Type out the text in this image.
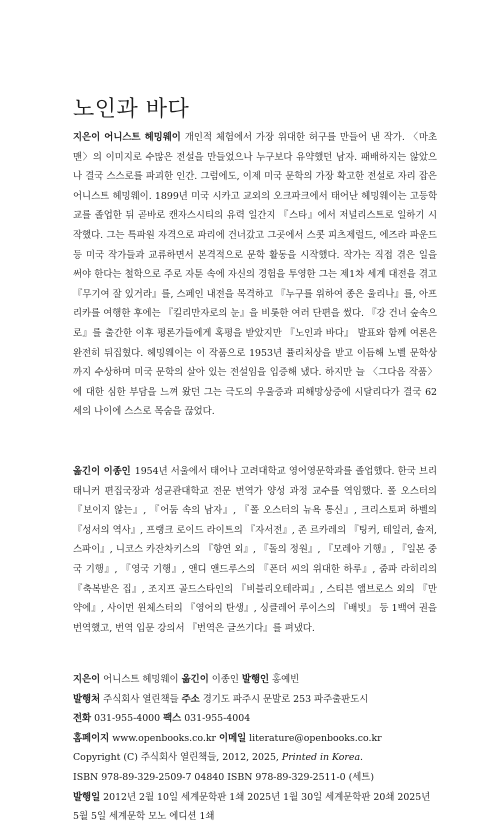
노인과 바다
지은이 어니스트 헤밍웨이 개인적 체험에서 가장 위대한 허구를 만들어 낸 작가. 〈마초 맨〉의 이미지로 수많은 전설을 만들었으나 누구보다 유약했던 남자. 패배하지는 않았으나 결국 스스로를 파괴한 인간. 그럼에도, 이제 미국 문학의 가장 확고한 전설로 자리 잡은 어니스트 헤밍웨이. 1899년 미국 시카고 교외의 오크파크에서 태어난 헤밍웨이는 고등학교를 졸업한 뒤 곧바로 캔자스시티의 유력 일간지 『스타』에서 저널리스트로 일하기 시작했다. 그는 특파원 자격으로 파리에 건너갔고 그곳에서 스콧 피츠제럴드, 에즈라 파운드 등 미국 작가들과 교류하면서 본격적으로 문학 활동을 시작했다. 작가는 직접 겪은 일을 써야 한다는 철학으로 주로 자툰 속에 자신의 경험을 투영한 그는 제1차 세계 대전을 겪고 『무기여 잘 있거라』를, 스페인 내전을 목격하고 『누구를 위하여 종은 울리나』를, 아프리카를 여행한 후에는 『킬리만자로의 눈』을 비롯한 여러 단편을 썼다. 『강 건너 숲속으로』를 출간한 이후 평론가들에게 혹평을 받았지만 『노인과 바다』 발표와 함께 여론은 완전히 뒤집혔다. 헤밍웨이는 이 작품으로 1953년 퓰리처상을 받고 이듬해 노벨 문학상까지 수상하며 미국 문학의 살아 있는 전설임을 입증해 냈다. 하지만 늘 〈그다음 작품〉에 대한 심한 부담을 느껴 왔던 그는 극도의 우울증과 피해망상증에 시달리다가 결국 62세의 나이에 스스로 목숨을 끊었다.
옮긴이 이종인 1954년 서울에서 태어나 고려대학교 영어영문학과를 졸업했다. 한국 브리태니커 편집국장과 성균관대학교 전문 번역가 양성 과정 교수를 역임했다. 폴 오스터의 『보이지 않는』, 『어둠 속의 남자』, 『폴 오스터의 뉴욕 통신』, 크리스토퍼 하벨의 『성서의 역사』, 프랭크 로이드 라이트의 『자서전』, 존 르카레의 『팅커, 테일러, 솔저, 스파이』, 니코스 카잔차키스의 『향연 외』, 『돌의 정원』, 『모레아 기행』, 『일본 중국 기행』, 『영국 기행』, 앤디 앤드루스의 『폰더 씨의 위대한 하루』, 줌파 라히리의 『축복받은 집』, 조지프 골드스타인의 『비블리오테라피』, 스티븐 앰브로스 외의 『만약에』, 사이먼 윈체스터의 『영어의 탄생』, 싱클레어 루이스의 『배빗』 등 1백여 권을 번역했고, 번역 입문 강의서 『번역은 글쓰기다』를 펴냈다.
지은이 어니스트 헤밍웨이 옮긴이 이종인 발행인 홍예빈
발행처 주식회사 열린책들 주소 경기도 파주시 문발로 253 파주출판도시
전화 031-955-4000 팩스 031-955-4004
홈페이지 www.openbooks.co.kr 이메일 literature@openbooks.co.kr
Copyright (C) 주식회사 열린책들, 2012, 2025, Printed in Korea.
ISBN 978-89-329-2509-7 04840 ISBN 978-89-329-2511-0 (세트)
발행일 2012년 2월 10일 세계문학판 1쇄 2025년 1월 30일 세계문학판 20쇄 2025년
5월 5일 세계문학 모노 에디션 1쇄
